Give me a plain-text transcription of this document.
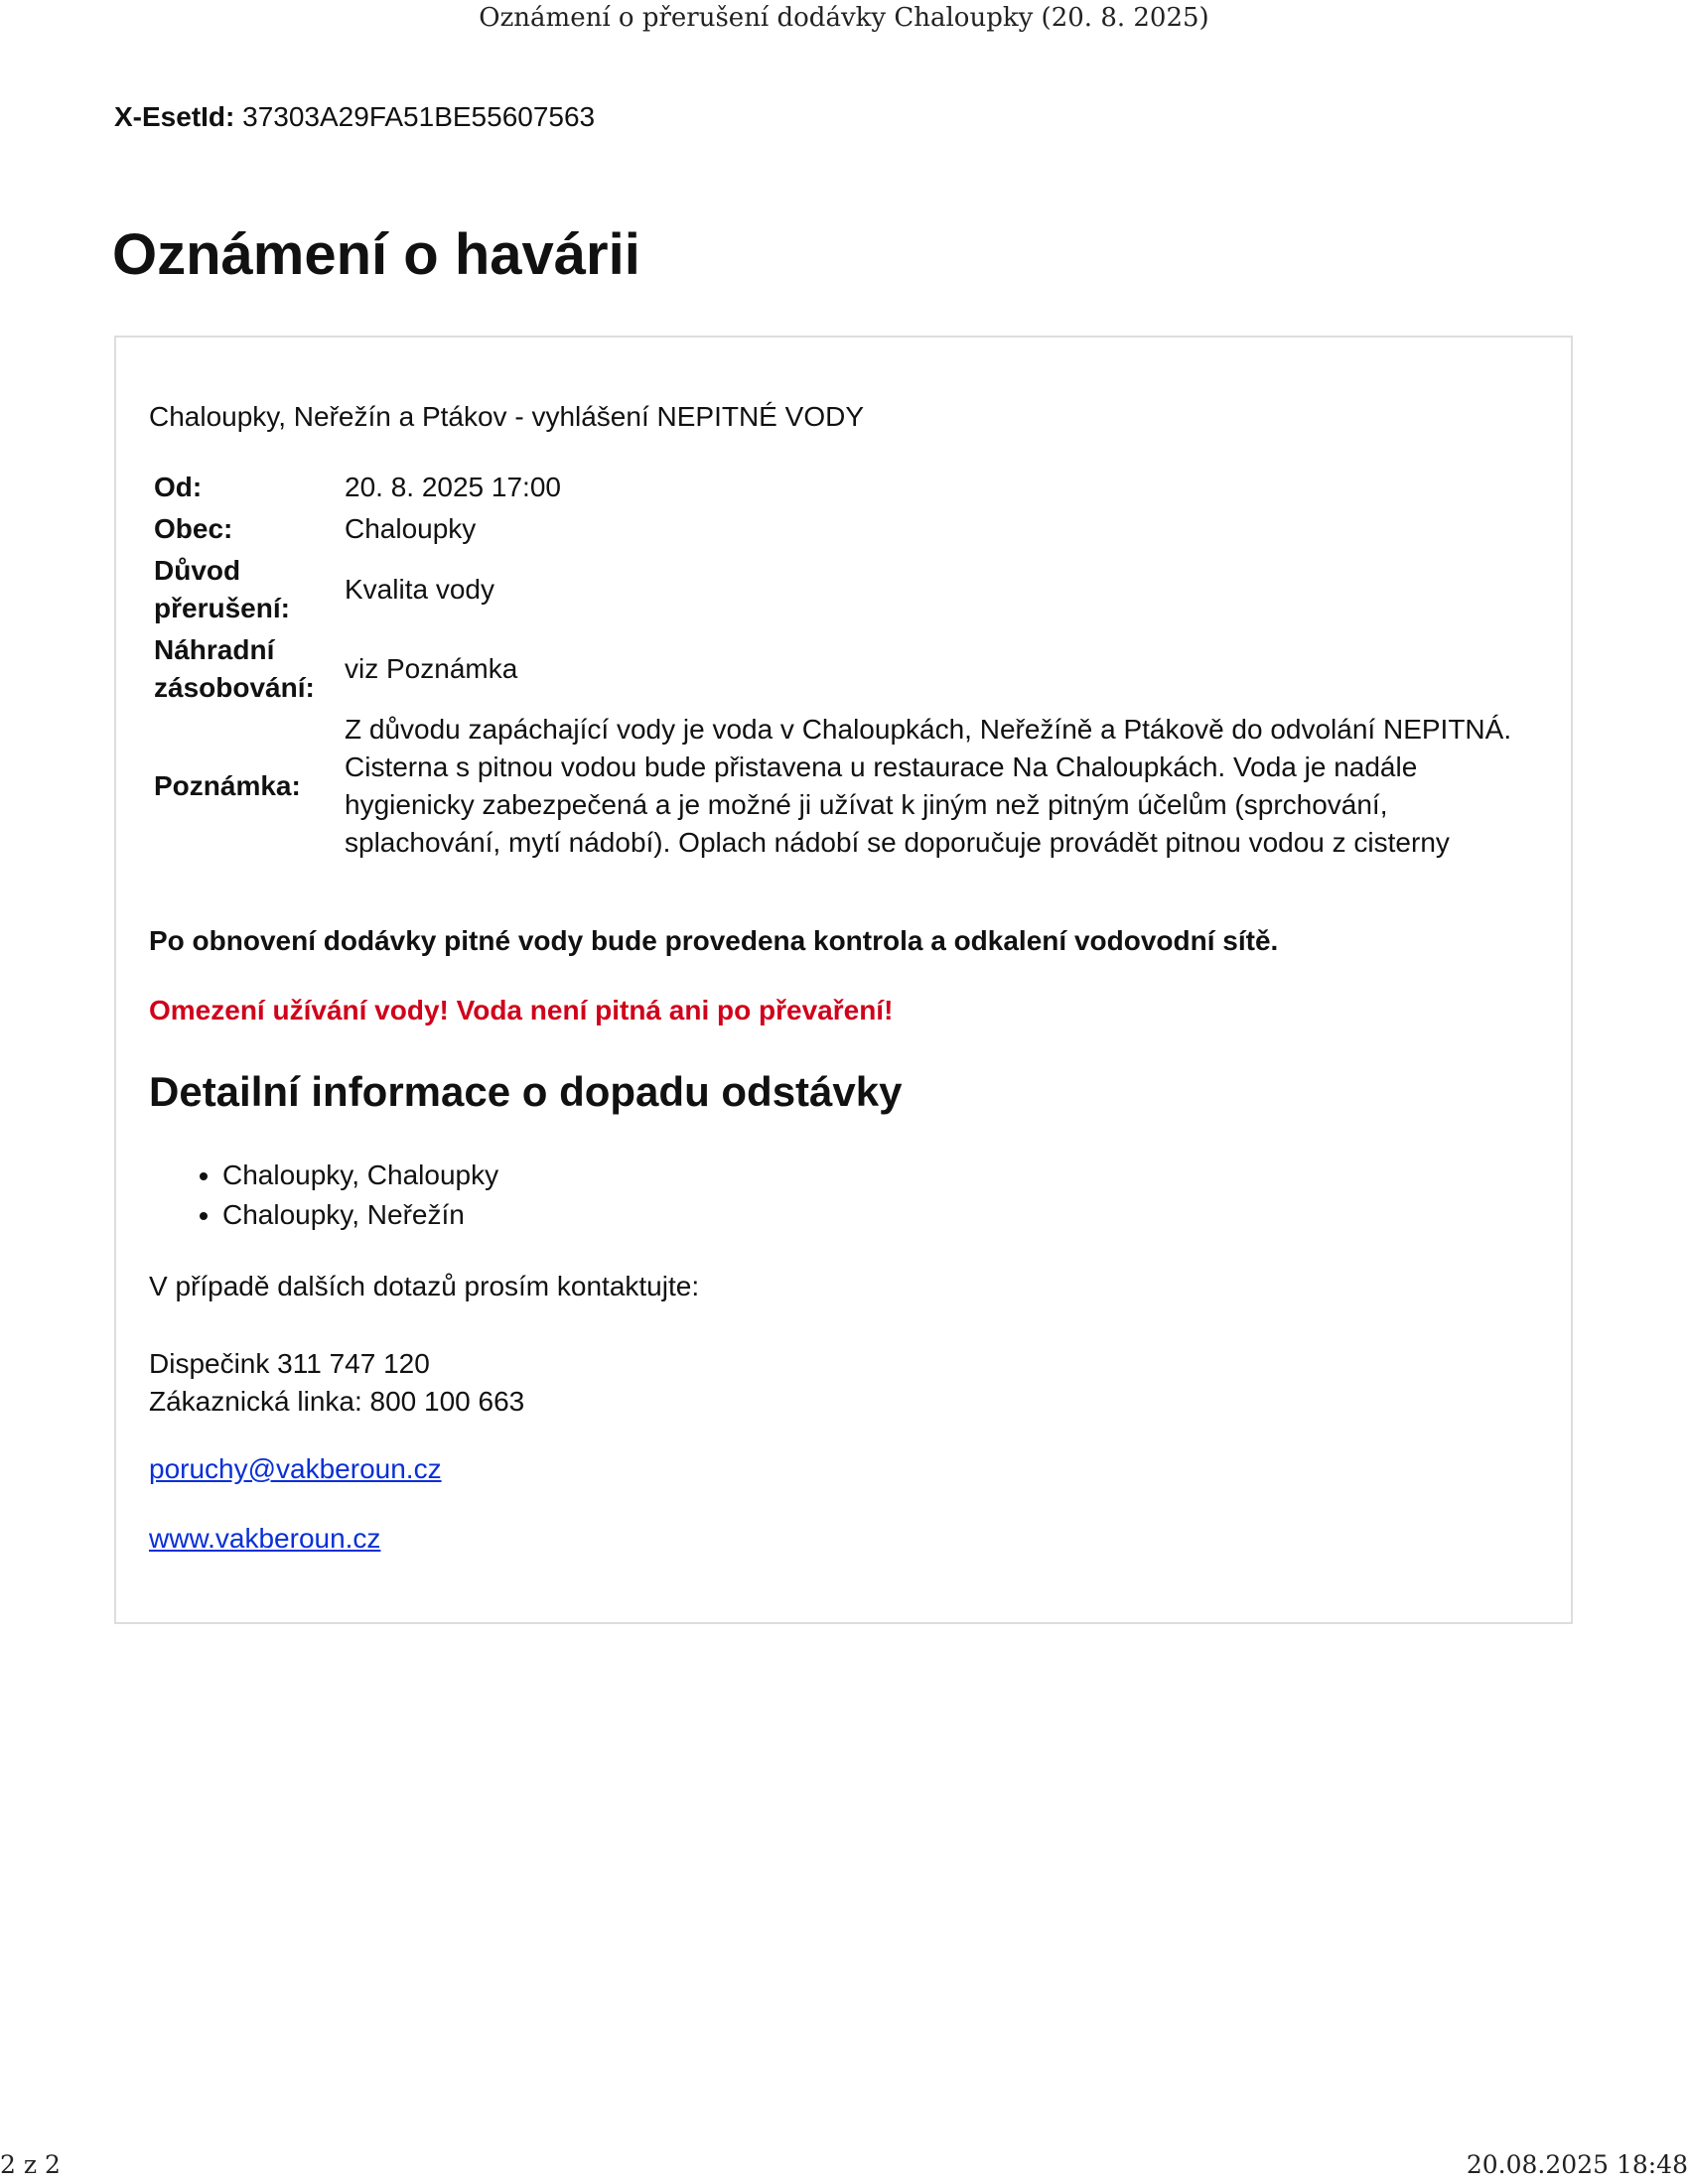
Oznámení o přerušení dodávky Chaloupky (20. 8. 2025)
X-EsetId: 37303A29FA51BE55607563
Oznámení o havárii
Chaloupky, Neřežín a Ptákov - vyhlášení NEPITNÉ VODY
Od:	20. 8. 2025 17:00
Obec:	Chaloupky
Důvod přerušení:	Kvalita vody
Náhradní zásobování:	viz Poznámka
Poznámka:	Z důvodu zapáchající vody je voda v Chaloupkách, Neřežíně a Ptákově do odvolání NEPITNÁ. Cisterna s pitnou vodou bude přistavena u restaurace Na Chaloupkách. Voda je nadále hygienicky zabezpečená a je možné ji užívat k jiným než pitným účelům (sprchování, splachování, mytí nádobí). Oplach nádobí se doporučuje provádět pitnou vodou z cisterny
Po obnovení dodávky pitné vody bude provedena kontrola a odkalení vodovodní sítě.
Omezení užívání vody! Voda není pitná ani po převaření!
Detailní informace o dopadu odstávky
• Chaloupky, Chaloupky
• Chaloupky, Neřežín
V případě dalších dotazů prosím kontaktujte:
Dispečink 311 747 120
Zákaznická linka: 800 100 663
poruchy@vakberoun.cz
www.vakberoun.cz
2 z 2	20.08.2025 18:48
